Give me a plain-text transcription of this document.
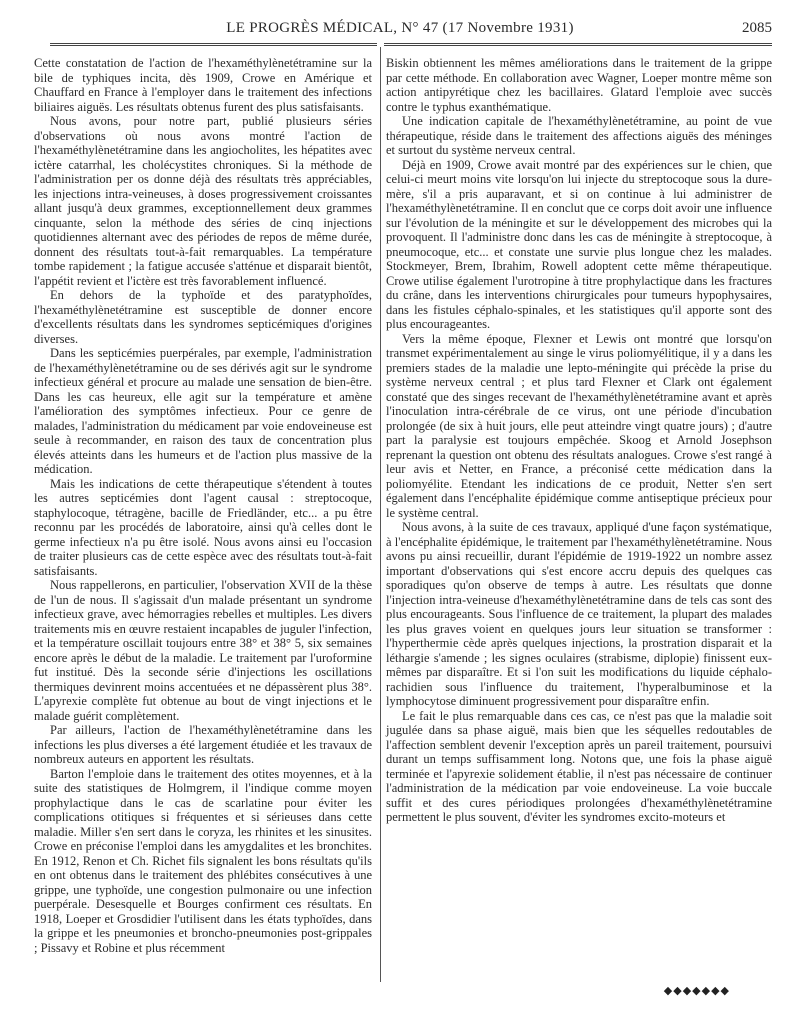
LE PROGRÈS MÉDICAL, N° 47 (17 Novembre 1931)	2085

Cette constatation de l'action de l'hexaméthylènetétramine sur la bile de typhiques incita, dès 1909, Crowe en Amérique et Chauffard en France à l'employer dans le traitement des infections biliaires aiguës. Les résultats obtenus furent des plus satisfaisants.

Nous avons, pour notre part, publié plusieurs séries d'observations où nous avons montré l'action de l'hexaméthylènetétramine dans les angiocholites, les hépatites avec ictère catarrhal, les cholécystites chroniques. Si la méthode de l'administration per os donne déjà des résultats très appréciables, les injections intra-veineuses, à doses progressivement croissantes allant jusqu'à deux grammes, exceptionnellement deux grammes cinquante, selon la méthode des séries de cinq injections quotidiennes alternant avec des périodes de repos de même durée, donnent des résultats tout-à-fait remarquables. La température tombe rapidement ; la fatigue accusée s'atténue et disparait bientôt, l'appétit revient et l'ictère est très favorablement influencé.

En dehors de la typhoïde et des paratyphoïdes, l'hexaméthylènetétramine est susceptible de donner encore d'excellents résultats dans les syndromes septicémiques d'origines diverses.

Dans les septicémies puerpérales, par exemple, l'administration de l'hexaméthylènetétramine ou de ses dérivés agit sur le syndrome infectieux général et procure au malade une sensation de bien-être. Dans les cas heureux, elle agit sur la température et amène l'amélioration des symptômes infectieux. Pour ce genre de malades, l'administration du médicament par voie endoveineuse est seule à recommander, en raison des taux de concentration plus élevés atteints dans les humeurs et de l'action plus massive de la médication.

Mais les indications de cette thérapeutique s'étendent à toutes les autres septicémies dont l'agent causal : streptocoque, staphylocoque, tétragène, bacille de Friedländer, etc... a pu être reconnu par les procédés de laboratoire, ainsi qu'à celles dont le germe infectieux n'a pu être isolé. Nous avons ainsi eu l'occasion de traiter plusieurs cas de cette espèce avec des résultats tout-à-fait satisfaisants.

Nous rappellerons, en particulier, l'observation XVII de la thèse de l'un de nous. Il s'agissait d'un malade présentant un syndrome infectieux grave, avec hémorragies rebelles et multiples. Les divers traitements mis en œuvre restaient incapables de juguler l'infection, et la température oscillait toujours entre 38° et 38° 5, six semaines encore après le début de la maladie. Le traitement par l'uroformine fut institué. Dès la seconde série d'injections les oscillations thermiques devinrent moins accentuées et ne dépassèrent plus 38°. L'apyrexie complète fut obtenue au bout de vingt injections et le malade guérit complètement.

Par ailleurs, l'action de l'hexaméthylènetétramine dans les infections les plus diverses a été largement étudiée et les travaux de nombreux auteurs en apportent les résultats.

Barton l'emploie dans le traitement des otites moyennes, et à la suite des statistiques de Holmgrem, il l'indique comme moyen prophylactique dans le cas de scarlatine pour éviter les complications otitiques si fréquentes et si sérieuses dans cette maladie. Miller s'en sert dans le coryza, les rhinites et les sinusites. Crowe en préconise l'emploi dans les amygdalites et les bronchites. En 1912, Renon et Ch. Richet fils signalent les bons résultats qu'ils en ont obtenus dans le traitement des phlébites consécutives à une grippe, une typhoïde, une congestion pulmonaire ou une infection puerpérale. Desesquelle et Bourges confirment ces résultats. En 1918, Loeper et Grosdidier l'utilisent dans les états typhoïdes, dans la grippe et les pneumonies et broncho-pneumonies post-grippales ; Pissavy et Robine et plus récemment

Biskin obtiennent les mêmes améliorations dans le traitement de la grippe par cette méthode. En collaboration avec Wagner, Loeper montre même son action antipyrétique chez les bacillaires. Glatard l'emploie avec succès contre le typhus exanthématique.

Une indication capitale de l'hexaméthylènetétramine, au point de vue thérapeutique, réside dans le traitement des affections aiguës des méninges et surtout du système nerveux central.

Déjà en 1909, Crowe avait montré par des expériences sur le chien, que celui-ci meurt moins vite lorsqu'on lui injecte du streptocoque sous la dure-mère, s'il a pris auparavant, et si on continue à lui administrer de l'hexaméthylènetétramine. Il en conclut que ce corps doit avoir une influence sur l'évolution de la méningite et sur le développement des microbes qui la provoquent. Il l'administre donc dans les cas de méningite à streptocoque, à pneumocoque, etc... et constate une survie plus longue chez les malades. Stockmeyer, Brem, Ibrahim, Rowell adoptent cette même thérapeutique. Crowe utilise également l'urotropine à titre prophylactique dans les fractures du crâne, dans les interventions chirurgicales pour tumeurs hypophysaires, dans les fistules céphalo-spinales, et les statistiques qu'il apporte sont des plus encourageantes.

Vers la même époque, Flexner et Lewis ont montré que lorsqu'on transmet expérimentalement au singe le virus poliomyélitique, il y a dans les premiers stades de la maladie une lepto-méningite qui précède la prise du système nerveux central ; et plus tard Flexner et Clark ont également constaté que des singes recevant de l'hexaméthylènetétramine avant et après l'inoculation intra-cérébrale de ce virus, ont une période d'incubation prolongée (de six à huit jours, elle peut atteindre vingt quatre jours) ; d'autre part la paralysie est toujours empêchée. Skoog et Arnold Josephson reprenant la question ont obtenu des résultats analogues. Crowe s'est rangé à leur avis et Netter, en France, a préconisé cette médication dans la poliomyélite. Etendant les indications de ce produit, Netter s'en sert également dans l'encéphalite épidémique comme antiseptique précieux pour le système central.

Nous avons, à la suite de ces travaux, appliqué d'une façon systématique, à l'encéphalite épidémique, le traitement par l'hexaméthylènetétramine. Nous avons pu ainsi recueillir, durant l'épidémie de 1919-1922 un nombre assez important d'observations qui s'est encore accru depuis des quelques cas sporadiques qu'on observe de temps à autre. Les résultats que donne l'injection intra-veineuse d'hexaméthylènetétramine dans de tels cas sont des plus encourageants. Sous l'influence de ce traitement, la plupart des malades les plus graves voient en quelques jours leur situation se transformer : l'hyperthermie cède après quelques injections, la prostration disparait et la léthargie s'amende ; les signes oculaires (strabisme, diplopie) finissent eux-mêmes par disparaître. Et si l'on suit les modifications du liquide céphalo-rachidien sous l'influence du traitement, l'hyperalbuminose et la lymphocytose diminuent progressivement pour disparaître enfin.

Le fait le plus remarquable dans ces cas, ce n'est pas que la maladie soit jugulée dans sa phase aiguë, mais bien que les séquelles redoutables de l'affection semblent devenir l'exception après un pareil traitement, poursuivi durant un temps suffisamment long. Notons que, une fois la phase aiguë terminée et l'apyrexie solidement établie, il n'est pas nécessaire de continuer l'administration de la médication par voie endoveineuse. La voie buccale suffit et des cures périodiques prolongées d'hexaméthylènetétramine permettent le plus souvent, d'éviter les syndromes excito-moteurs et

◆◆◆◆◆◆◆
